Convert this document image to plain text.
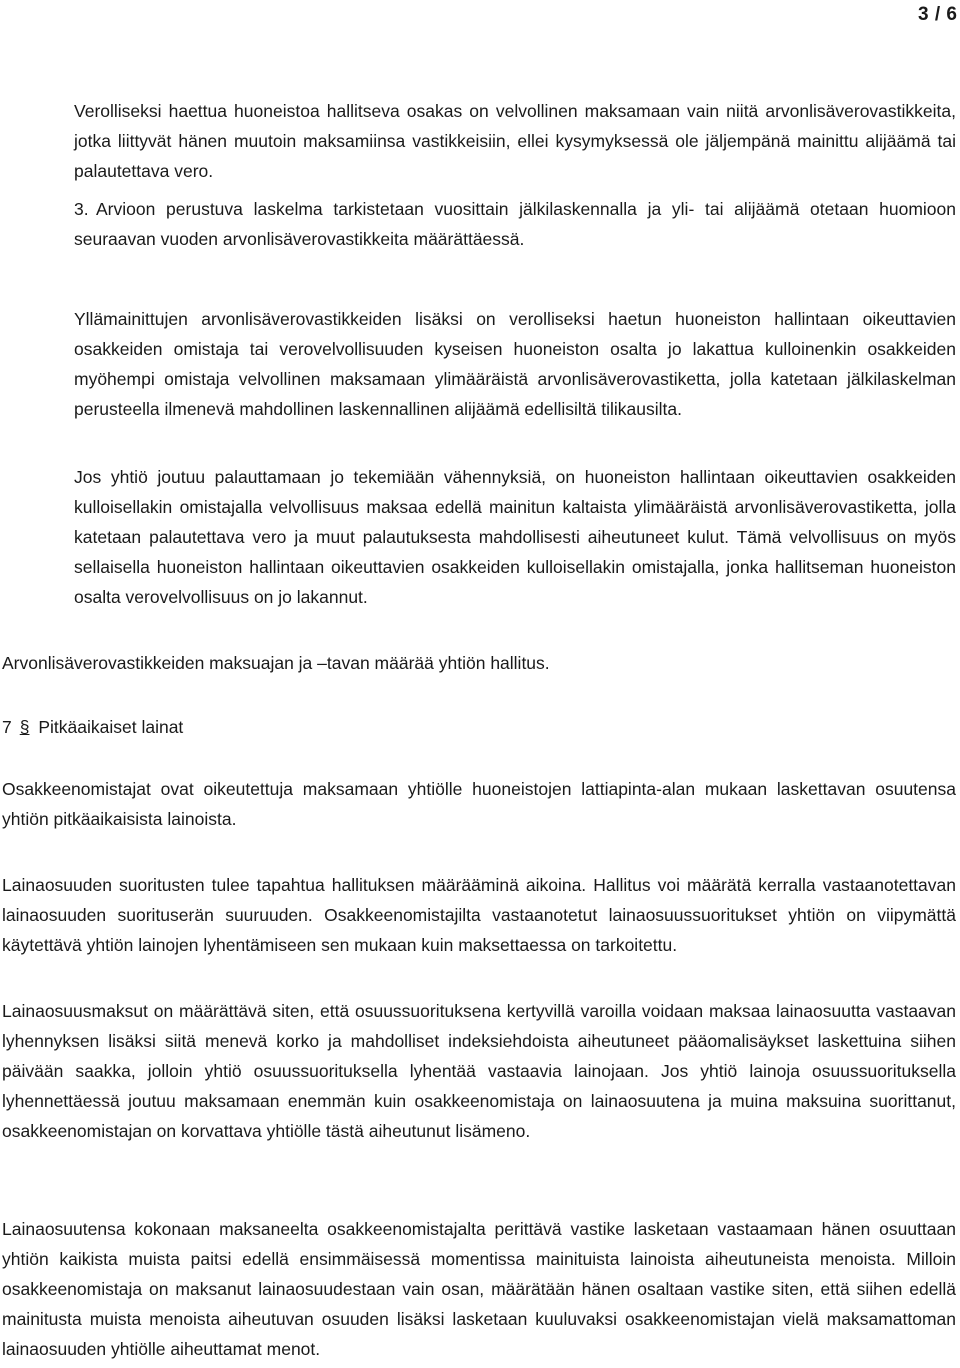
3 / 6
Verolliseksi haettua huoneistoa hallitseva osakas on velvollinen maksamaan vain niitä arvonlisäverovastikkeita, jotka liittyvät hänen muutoin maksamiinsa vastikkeisiin, ellei kysymyksessä ole jäljempänä mainittu alijäämä tai palautettava vero.
3. Arvioon perustuva laskelma tarkistetaan vuosittain jälkilaskennalla ja yli- tai alijäämä otetaan huomioon seuraavan vuoden arvonlisäverovastikkeita määrättäessä.
Yllämainittujen arvonlisäverovastikkeiden lisäksi on verolliseksi haetun huoneiston hallintaan oikeuttavien osakkeiden omistaja tai verovelvollisuuden kyseisen huoneiston osalta jo lakattua kulloinenkin osakkeiden myöhempi omistaja velvollinen maksamaan ylimääräistä arvonlisäverovastiketta, jolla katetaan jälkilaskelman perusteella ilmenevä mahdollinen laskennallinen alijäämä edellisiltä tilikausilta.
Jos yhtiö joutuu palauttamaan jo tekemiään vähennyksiä, on huoneiston hallintaan oikeuttavien osakkeiden kulloisellakin omistajalla velvollisuus maksaa edellä mainitun kaltaista ylimääräistä arvonlisäverovastiketta, jolla katetaan palautettava vero ja muut palautuksesta mahdollisesti aiheutuneet kulut. Tämä velvollisuus on myös sellaisella huoneiston hallintaan oikeuttavien osakkeiden kulloisellakin omistajalla, jonka hallitseman huoneiston osalta verovelvollisuus on jo lakannut.
Arvonlisäverovastikkeiden maksuajan ja –tavan määrää yhtiön hallitus.
7 § Pitkäaikaiset lainat
Osakkeenomistajat ovat oikeutettuja maksamaan yhtiölle huoneistojen lattiapinta-alan mukaan laskettavan osuutensa yhtiön pitkäaikaisista lainoista.
Lainaosuuden suoritusten tulee tapahtua hallituksen määrääminä aikoina. Hallitus voi määrätä kerralla vastaanotettavan lainaosuuden suorituserän suuruuden. Osakkeenomistajilta vastaanotetut lainaosuussuoritukset yhtiön on viipymättä käytettävä yhtiön lainojen lyhentämiseen sen mukaan kuin maksettaessa on tarkoitettu.
Lainaosuusmaksut on määrättävä siten, että osuussuorituksena kertyvillä varoilla voidaan maksaa lainaosuutta vastaavan lyhennyksen lisäksi siitä menevä korko ja mahdolliset indeksiehdoista aiheutuneet pääomalisäykset laskettuina siihen päivään saakka, jolloin yhtiö osuussuorituksella lyhentää vastaavia lainojaan. Jos yhtiö lainoja osuussuorituksella lyhennettäessä joutuu maksamaan enemmän kuin osakkeenomistaja on lainaosuutena ja muina maksuina suorittanut, osakkeenomistajan on korvattava yhtiölle tästä aiheutunut lisämeno.
Lainaosuutensa kokonaan maksaneelta osakkeenomistajalta perittävä vastike lasketaan vastaamaan hänen osuuttaan yhtiön kaikista muista paitsi edellä ensimmäisessä momentissa mainituista lainoista aiheutuneista menoista. Milloin osakkeenomistaja on maksanut lainaosuudestaan vain osan, määrätään hänen osaltaan vastike siten, että siihen edellä mainitusta muista menoista aiheutuvan osuuden lisäksi lasketaan kuuluvaksi osakkeenomistajan vielä maksamattoman lainaosuuden yhtiölle aiheuttamat menot.
